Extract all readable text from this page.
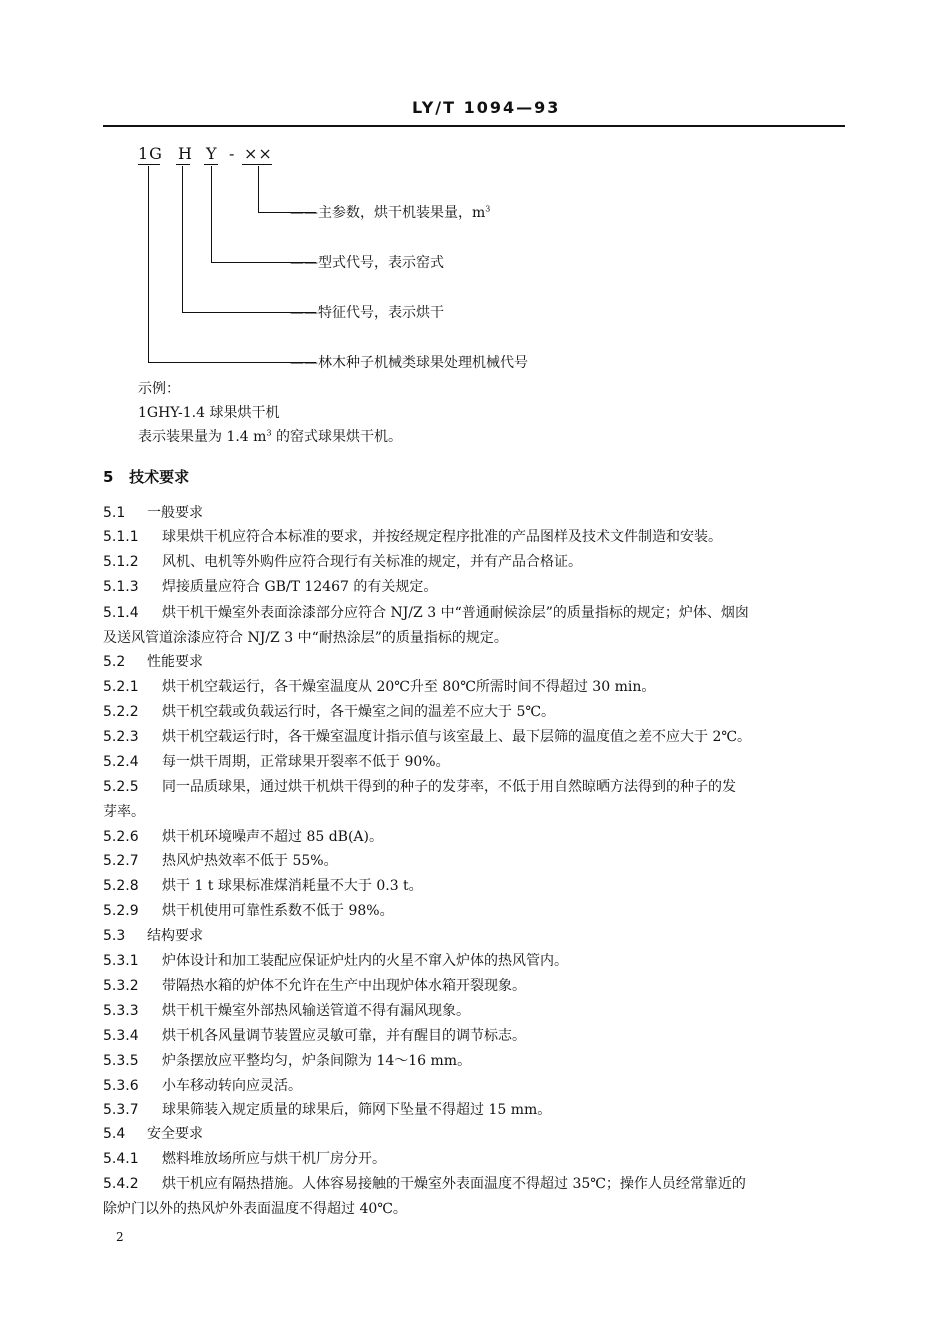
LY/T 1094—93
1G H Y - ××
——主参数，烘干机装果量，$m^3$
——型式代号，表示窑式
——特征代号，表示烘干
——林木种子机械类球果处理机械代号
示例：
1GHY-1.4 球果烘干机
表示装果量为 1.4 $m^3$ 的窑式球果烘干机。
5 技术要求
5.1 一般要求
5.1.1 球果烘干机应符合本标准的要求，并按经规定程序批准的产品图样及技术文件制造和安装。
5.1.2 风机、电机等外购件应符合现行有关标准的规定，并有产品合格证。
5.1.3 焊接质量应符合 GB/T 12467 的有关规定。
5.1.4 烘干机干燥室外表面涂漆部分应符合 NJ/Z 3 中“普通耐候涂层”的质量指标的规定；炉体、烟囱
及送风管道涂漆应符合 NJ/Z 3 中“耐热涂层”的质量指标的规定。
5.2 性能要求
5.2.1 烘干机空载运行，各干燥室温度从 20℃升至 80℃所需时间不得超过 30 min。
5.2.2 烘干机空载或负载运行时，各干燥室之间的温差不应大于 5℃。
5.2.3 烘干机空载运行时，各干燥室温度计指示值与该室最上、最下层筛的温度值之差不应大于 2℃。
5.2.4 每一烘干周期，正常球果开裂率不低于 90%。
5.2.5 同一品质球果，通过烘干机烘干得到的种子的发芽率，不低于用自然晾晒方法得到的种子的发
芽率。
5.2.6 烘干机环境噪声不超过 85 dB(A)。
5.2.7 热风炉热效率不低于 55%。
5.2.8 烘干 1 t 球果标准煤消耗量不大于 0.3 t。
5.2.9 烘干机使用可靠性系数不低于 98%。
5.3 结构要求
5.3.1 炉体设计和加工装配应保证炉灶内的火星不窜入炉体的热风管内。
5.3.2 带隔热水箱的炉体不允许在生产中出现炉体水箱开裂现象。
5.3.3 烘干机干燥室外部热风输送管道不得有漏风现象。
5.3.4 烘干机各风量调节装置应灵敏可靠，并有醒目的调节标志。
5.3.5 炉条摆放应平整均匀，炉条间隙为 14～16 mm。
5.3.6 小车移动转向应灵活。
5.3.7 球果筛装入规定质量的球果后，筛网下坠量不得超过 15 mm。
5.4 安全要求
5.4.1 燃料堆放场所应与烘干机厂房分开。
5.4.2 烘干机应有隔热措施。人体容易接触的干燥室外表面温度不得超过 35℃；操作人员经常靠近的
除炉门以外的热风炉外表面温度不得超过 40℃。
2
